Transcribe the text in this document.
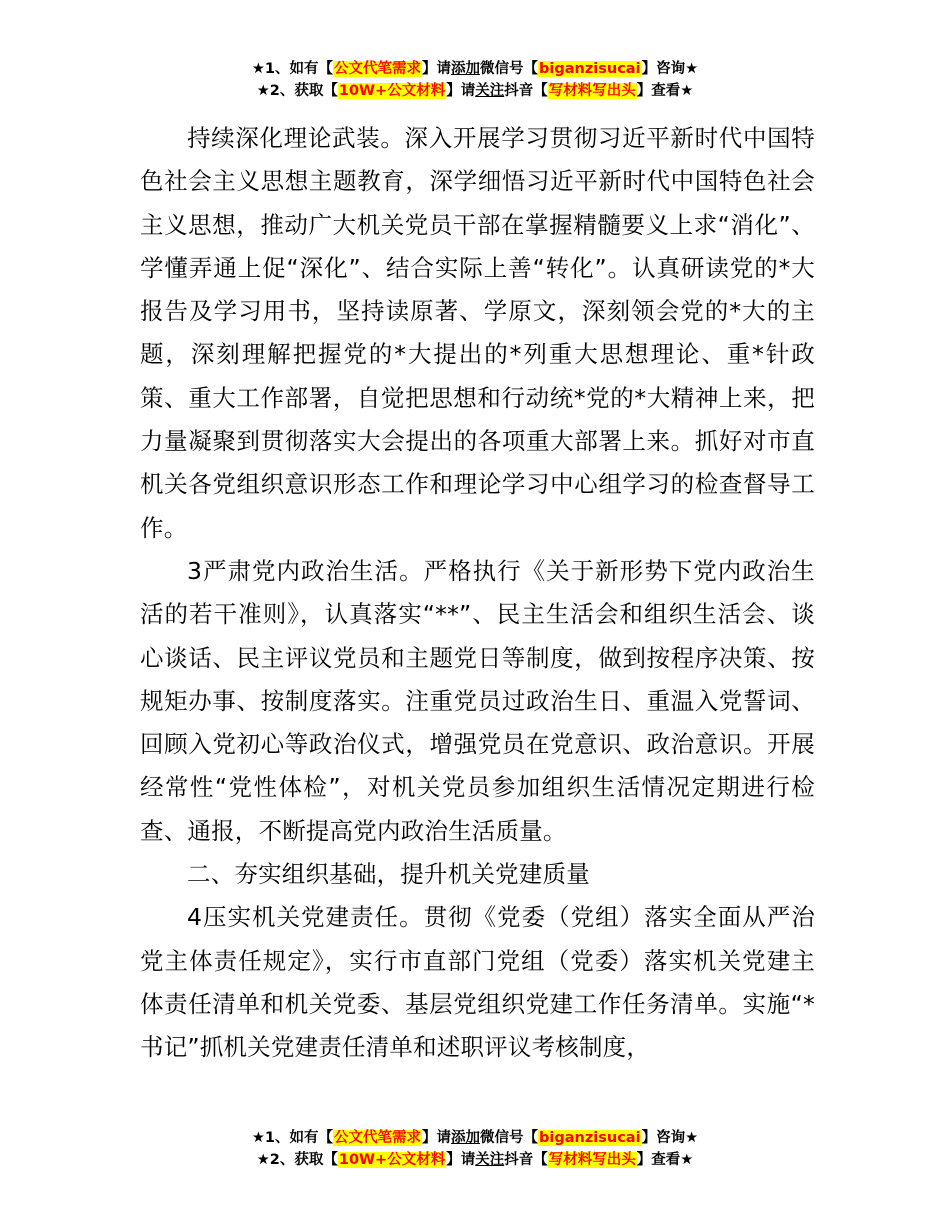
★1、如有【公文代笔需求】请添加微信号【biganzisucai】咨询★
★2、获取【10W+公文材料】请关注抖音【写材料写出头】查看★

持续深化理论武装。深入开展学习贯彻习近平新时代中国特色社会主义思想主题教育，深学细悟习近平新时代中国特色社会主义思想，推动广大机关党员干部在掌握精髓要义上求“消化”、学懂弄通上促“深化”、结合实际上善“转化”。认真研读党的*大报告及学习用书，坚持读原著、学原文，深刻领会党的*大的主题，深刻理解把握党的*大提出的*列重大思想理论、重*针政策、重大工作部署，自觉把思想和行动统*党的*大精神上来，把力量凝聚到贯彻落实大会提出的各项重大部署上来。抓好对市直机关各党组织意识形态工作和理论学习中心组学习的检查督导工作。

3严肃党内政治生活。严格执行《关于新形势下党内政治生活的若干准则》，认真落实“**”、民主生活会和组织生活会、谈心谈话、民主评议党员和主题党日等制度，做到按程序决策、按规矩办事、按制度落实。注重党员过政治生日、重温入党誓词、回顾入党初心等政治仪式，增强党员在党意识、政治意识。开展经常性“党性体检”，对机关党员参加组织生活情况定期进行检查、通报，不断提高党内政治生活质量。

二、夯实组织基础，提升机关党建质量

4压实机关党建责任。贯彻《党委（党组）落实全面从严治党主体责任规定》，实行市直部门党组（党委）落实机关党建主体责任清单和机关党委、基层党组织党建工作任务清单。实施“*书记”抓机关党建责任清单和述职评议考核制度，

★1、如有【公文代笔需求】请添加微信号【biganzisucai】咨询★
★2、获取【10W+公文材料】请关注抖音【写材料写出头】查看★
